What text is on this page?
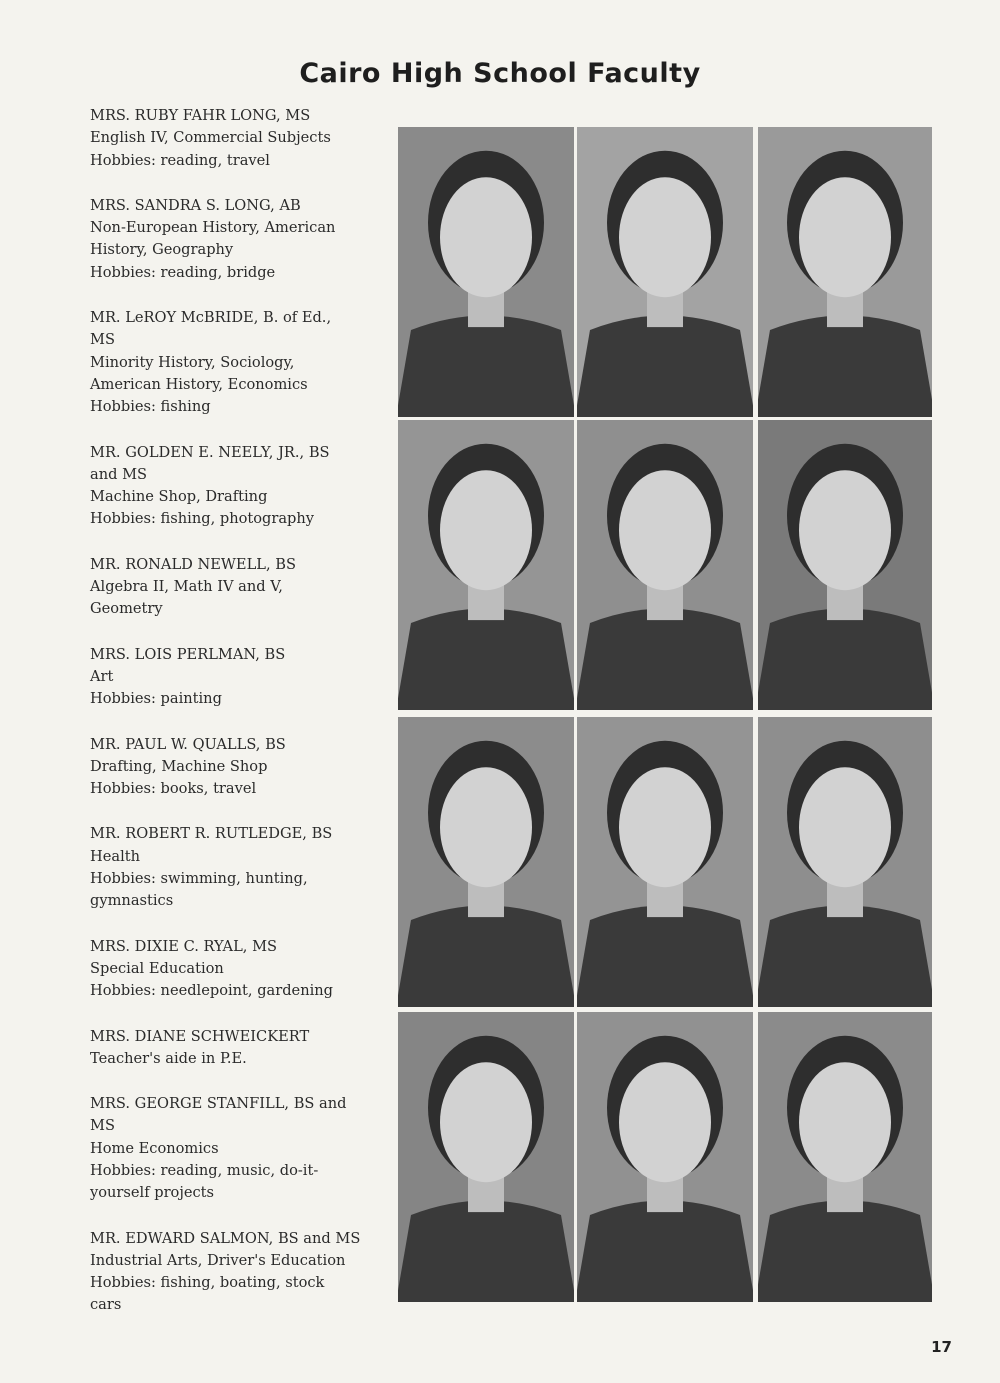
Cairo High School Faculty
MRS. RUBY FAHR LONG, MS
English IV, Commercial Subjects
Hobbies: reading, travel
MRS. SANDRA S. LONG, AB
Non-European History, American
History, Geography
Hobbies: reading, bridge
MR. LeROY McBRIDE, B. of Ed.,
MS
Minority History, Sociology,
American History, Economics
Hobbies: fishing
MR. GOLDEN E. NEELY, JR., BS
and MS
Machine Shop, Drafting
Hobbies: fishing, photography
MR. RONALD NEWELL, BS
Algebra II, Math IV and V,
Geometry
MRS. LOIS PERLMAN, BS
Art
Hobbies: painting
MR. PAUL W. QUALLS, BS
Drafting, Machine Shop
Hobbies: books, travel
MR. ROBERT R. RUTLEDGE, BS
Health
Hobbies: swimming, hunting,
gymnastics
MRS. DIXIE C. RYAL, MS
Special Education
Hobbies: needlepoint, gardening
MRS. DIANE SCHWEICKERT
Teacher's aide in P.E.
MRS. GEORGE STANFILL, BS and
MS
Home Economics
Hobbies: reading, music, do-it-
yourself projects
MR. EDWARD SALMON, BS and MS
Industrial Arts, Driver's Education
Hobbies: fishing, boating, stock
cars
17
